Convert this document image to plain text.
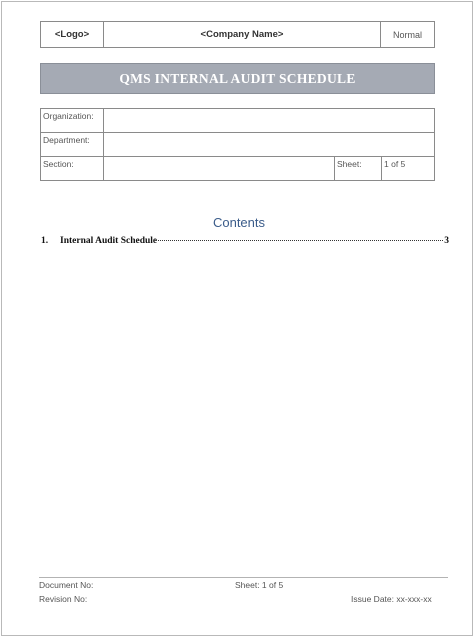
<Logo>	<Company Name>	Normal
QMS INTERNAL AUDIT SCHEDULE
Organization:			
Department:			
Section:		Sheet:	1 of 5
Contents
1.	Internal Audit Schedule	3
Document No:	Sheet: 1 of 5
Revision No:	Issue Date: xx-xxx-xx
